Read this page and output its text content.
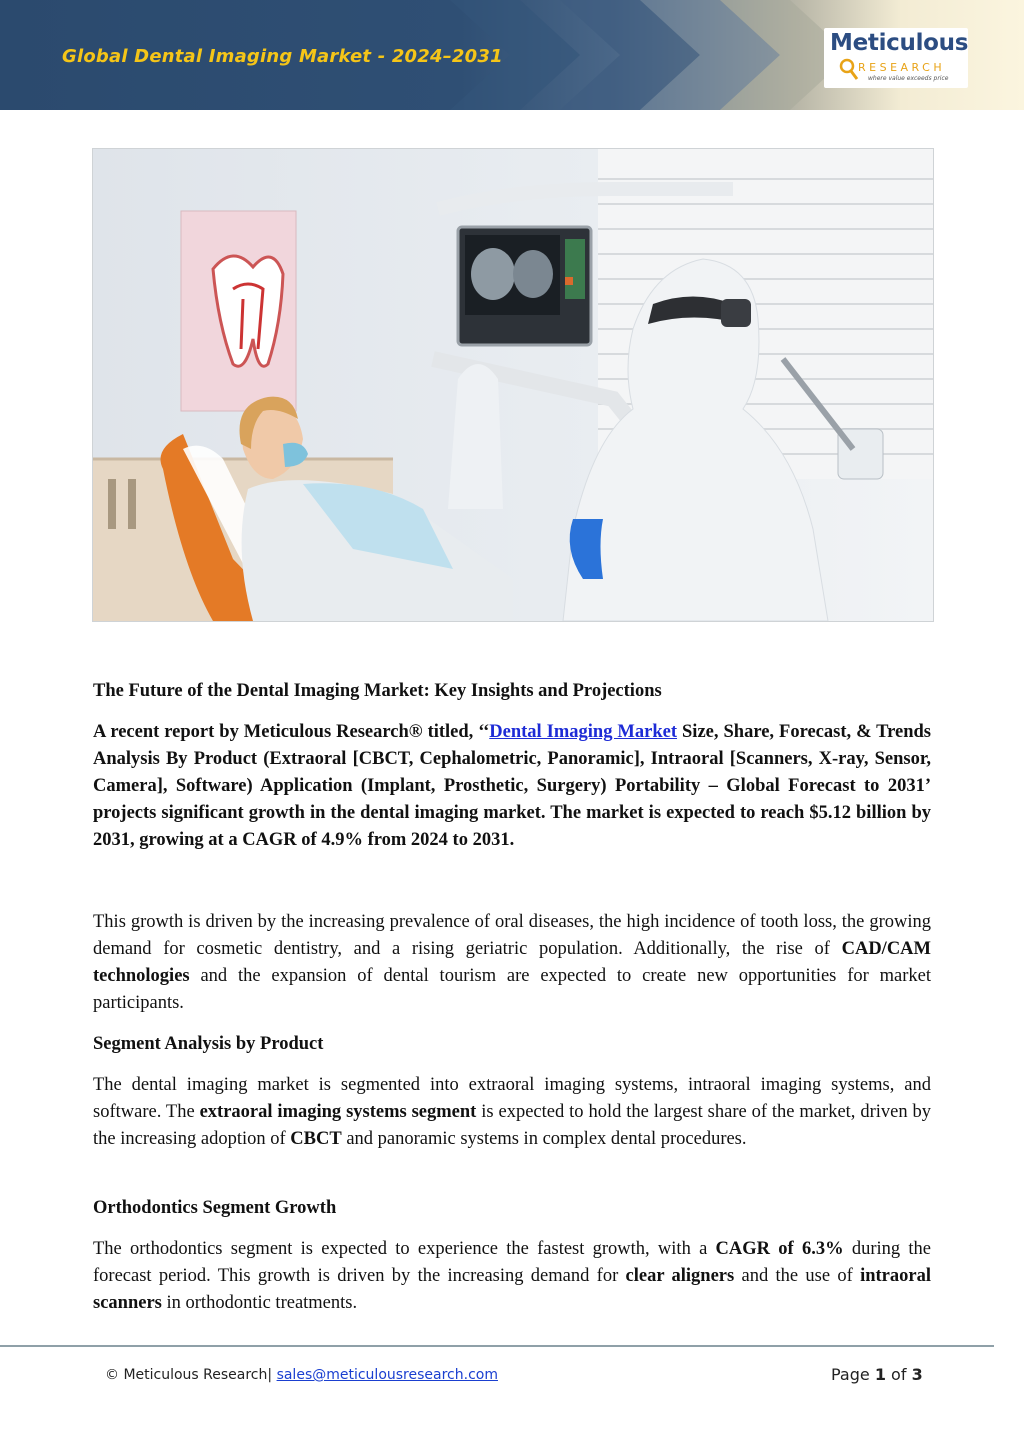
Global Dental Imaging Market - 2024–2031
Meticulous
RESEARCH
where value exceeds price
The Future of the Dental Imaging Market: Key Insights and Projections
A recent report by Meticulous Research® titled, ‘‘Dental Imaging Market Size, Share, Forecast, & Trends Analysis By Product (Extraoral [CBCT, Cephalometric, Panoramic], Intraoral [Scanners, X-ray, Sensor, Camera], Software) Application (Implant, Prosthetic, Surgery) Portability – Global Forecast to 2031’ projects significant growth in the dental imaging market. The market is expected to reach $5.12 billion by 2031, growing at a CAGR of 4.9% from 2024 to 2031.
This growth is driven by the increasing prevalence of oral diseases, the high incidence of tooth loss, the growing demand for cosmetic dentistry, and a rising geriatric population. Additionally, the rise of CAD/CAM technologies and the expansion of dental tourism are expected to create new opportunities for market participants.
Segment Analysis by Product
The dental imaging market is segmented into extraoral imaging systems, intraoral imaging systems, and software. The extraoral imaging systems segment is expected to hold the largest share of the market, driven by the increasing adoption of CBCT and panoramic systems in complex dental procedures.
Orthodontics Segment Growth
The orthodontics segment is expected to experience the fastest growth, with a CAGR of 6.3% during the forecast period. This growth is driven by the increasing demand for clear aligners and the use of intraoral scanners in orthodontic treatments.
© Meticulous Research| sales@meticulousresearch.com	Page 1 of 3
